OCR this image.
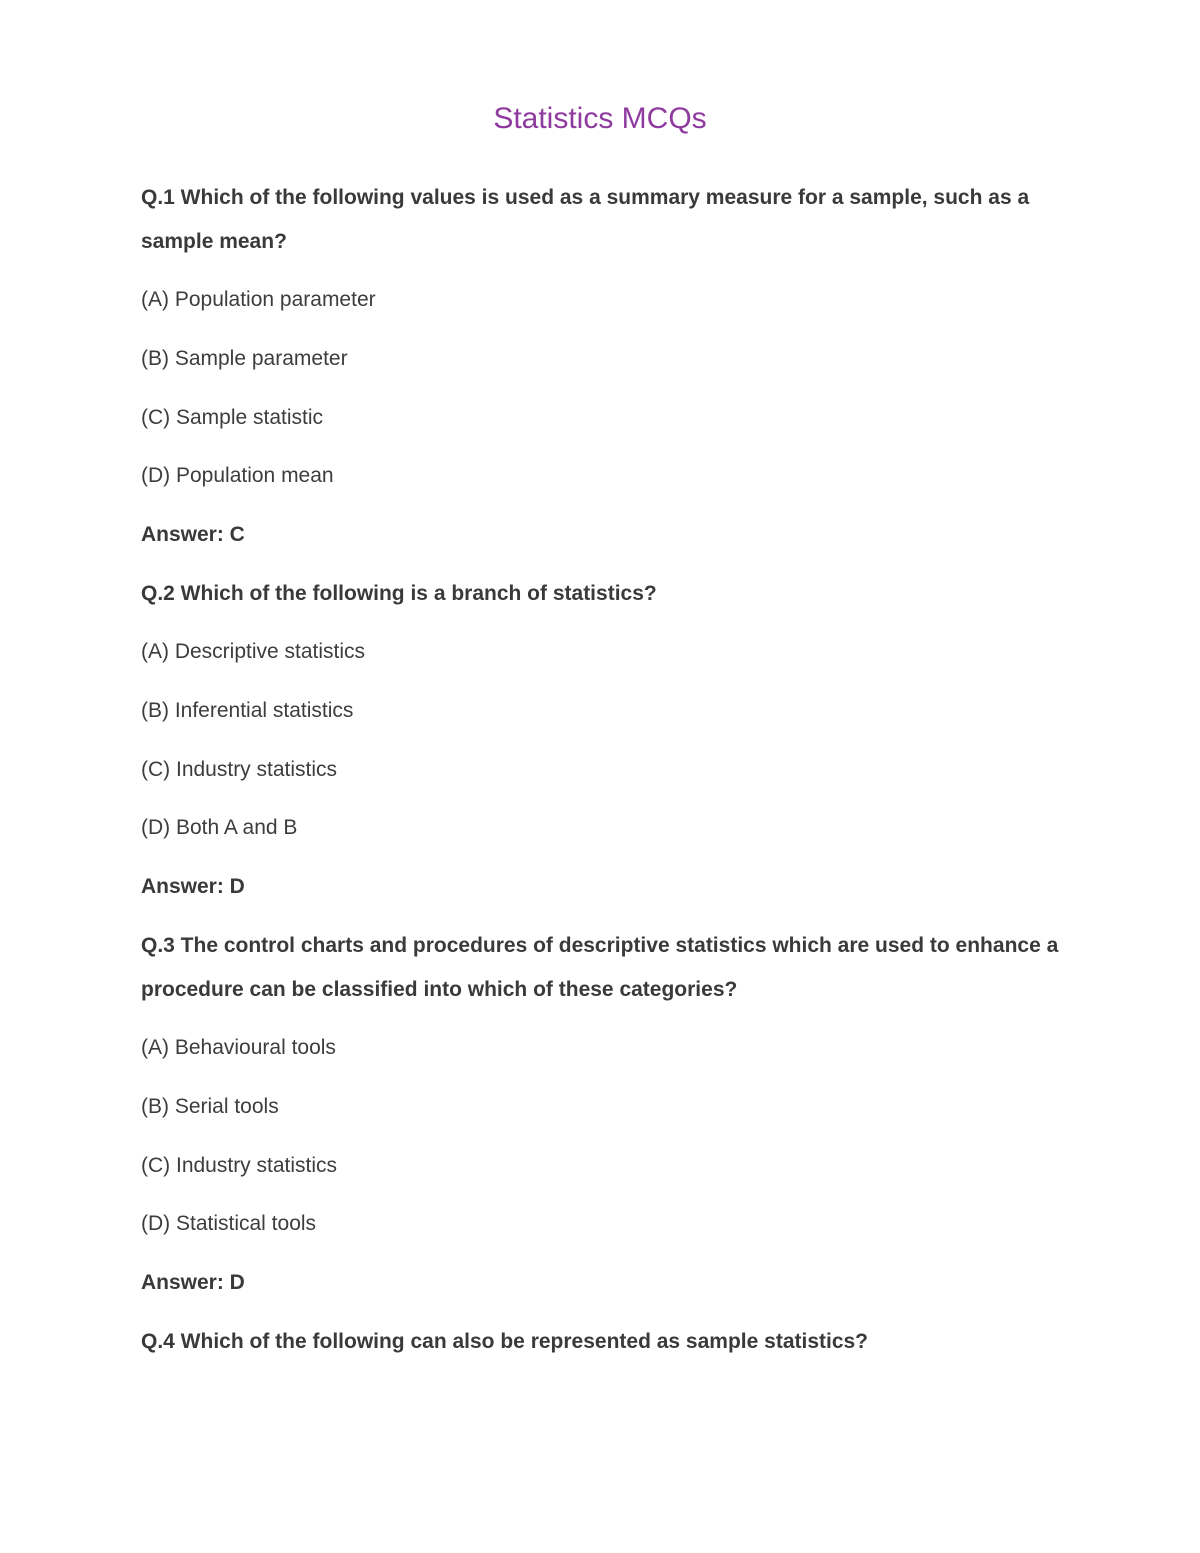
Statistics MCQs

Q.1 Which of the following values is used as a summary measure for a sample, such as a sample mean?

(A) Population parameter

(B) Sample parameter

(C) Sample statistic

(D) Population mean

Answer: C

Q.2 Which of the following is a branch of statistics?

(A) Descriptive statistics

(B) Inferential statistics

(C) Industry statistics

(D) Both A and B

Answer: D

Q.3 The control charts and procedures of descriptive statistics which are used to enhance a procedure can be classified into which of these categories?

(A) Behavioural tools

(B) Serial tools

(C) Industry statistics

(D) Statistical tools

Answer: D

Q.4 Which of the following can also be represented as sample statistics?
